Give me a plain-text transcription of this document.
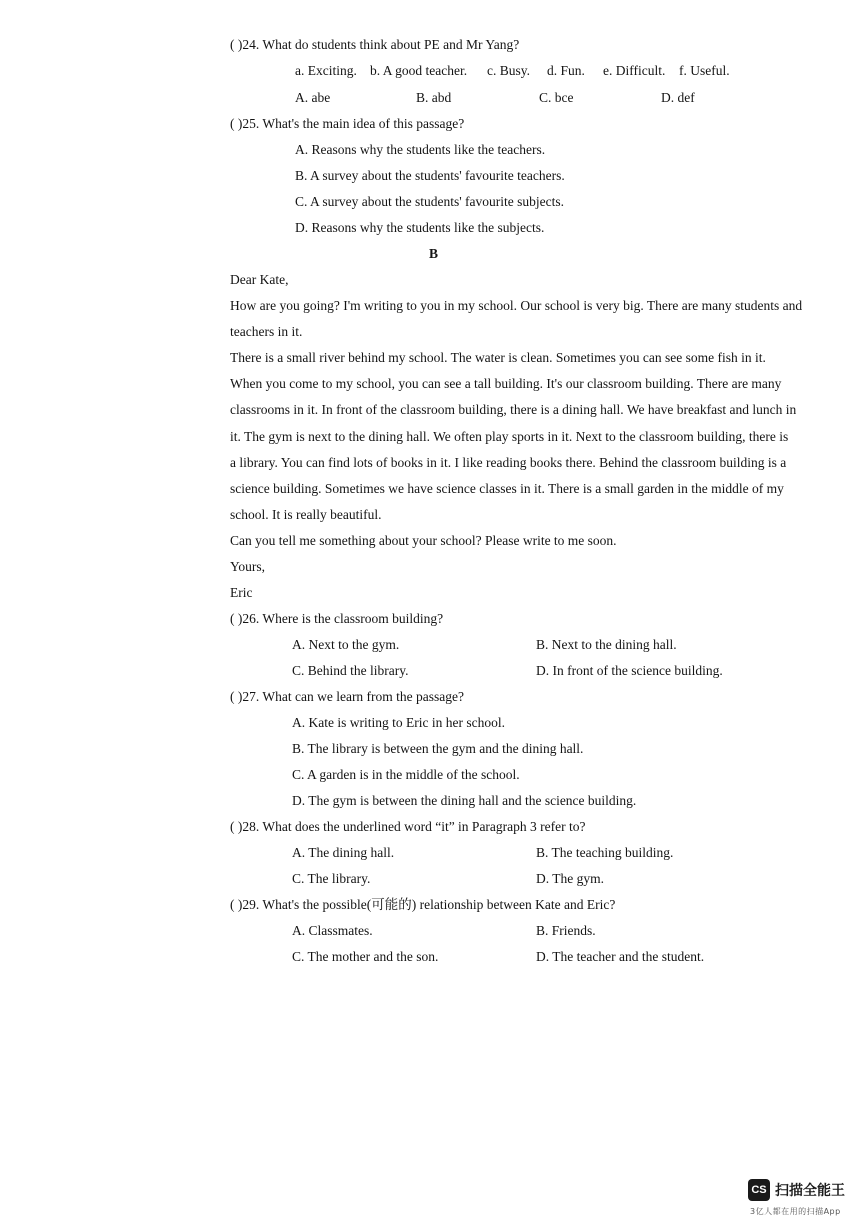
( )24. What do students think about PE and Mr Yang?
a. Exciting. b. A good teacher. c. Busy. d. Fun. e. Difficult. f. Useful.
A. abe	B. abd	C. bce	D. def
( )25. What's the main idea of this passage?
A. Reasons why the students like the teachers.
B. A survey about the students' favourite teachers.
C. A survey about the students' favourite subjects.
D. Reasons why the students like the subjects.
B
Dear Kate,
How are you going? I'm writing to you in my school. Our school is very big. There are many students and
teachers in it.
There is a small river behind my school. The water is clean. Sometimes you can see some fish in it.
When you come to my school, you can see a tall building. It's our classroom building. There are many
classrooms in it. In front of the classroom building, there is a dining hall. We have breakfast and lunch in
it. The gym is next to the dining hall. We often play sports in it. Next to the classroom building, there is
a library. You can find lots of books in it. I like reading books there. Behind the classroom building is a
science building. Sometimes we have science classes in it. There is a small garden in the middle of my
school. It is really beautiful.
Can you tell me something about your school? Please write to me soon.
Yours,
Eric
( )26. Where is the classroom building?
A. Next to the gym.	B. Next to the dining hall.
C. Behind the library.	D. In front of the science building.
( )27. What can we learn from the passage?
A. Kate is writing to Eric in her school.
B. The library is between the gym and the dining hall.
C. A garden is in the middle of the school.
D. The gym is between the dining hall and the science building.
( )28. What does the underlined word “it” in Paragraph 3 refer to?
A. The dining hall.	B. The teaching building.
C. The library.	D. The gym.
( )29. What's the possible(可能的) relationship between Kate and Eric?
A. Classmates.	B. Friends.
C. The mother and the son.	D. The teacher and the student.
CS 扫描全能王
3亿人都在用的扫描App
